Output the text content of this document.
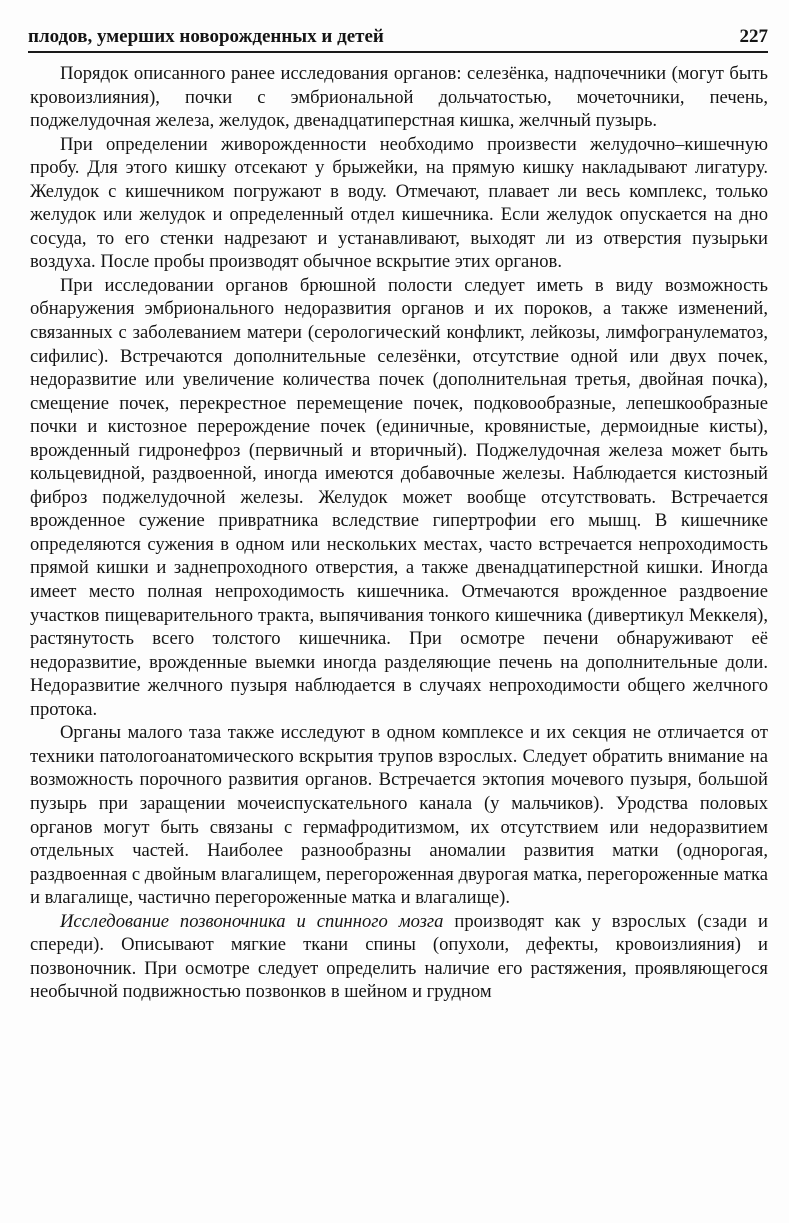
плодов, умерших новорожденных и детей	227

Порядок описанного ранее исследования органов: селезёнка, надпочечники (могут быть кровоизлияния), почки с эмбриональной дольчатостью, мочеточники, печень, поджелудочная железа, желудок, двенадцатиперстная кишка, желчный пузырь.

При определении живорожденности необходимо произвести желудочно–кишечную пробу. Для этого кишку отсекают у брыжейки, на прямую кишку накладывают лигатуру. Желудок с кишечником погружают в воду. Отмечают, плавает ли весь комплекс, только желудок или желудок и определенный отдел кишечника. Если желудок опускается на дно сосуда, то его стенки надрезают и устанавливают, выходят ли из отверстия пузырьки воздуха. После пробы производят обычное вскрытие этих органов.

При исследовании органов брюшной полости следует иметь в виду возможность обнаружения эмбрионального недоразвития органов и их пороков, а также изменений, связанных с заболеванием матери (серологический конфликт, лейкозы, лимфогранулематоз, сифилис). Встречаются дополнительные селезёнки, отсутствие одной или двух почек, недоразвитие или увеличение количества почек (дополнительная третья, двойная почка), смещение почек, перекрестное перемещение почек, подковообразные, лепешкообразные почки и кистозное перерождение почек (единичные, кровянистые, дермоидные кисты), врожденный гидронефроз (первичный и вторичный). Поджелудочная железа может быть кольцевидной, раздвоенной, иногда имеются добавочные железы. Наблюдается кистозный фиброз поджелудочной железы. Желудок может вообще отсутствовать. Встречается врожденное сужение привратника вследствие гипертрофии его мышц. В кишечнике определяются сужения в одном или нескольких местах, часто встречается непроходимость прямой кишки и заднепроходного отверстия, а также двенадцатиперстной кишки. Иногда имеет место полная непроходимость кишечника. Отмечаются врожденное раздвоение участков пищеварительного тракта, выпячивания тонкого кишечника (дивертикул Меккеля), растянутость всего толстого кишечника. При осмотре печени обнаруживают её недоразвитие, врожденные выемки иногда разделяющие печень на дополнительные доли. Недоразвитие желчного пузыря наблюдается в случаях непроходимости общего желчного протока.

Органы малого таза также исследуют в одном комплексе и их секция не отличается от техники патологоанатомического вскрытия трупов взрослых. Следует обратить внимание на возможность порочного развития органов. Встречается эктопия мочевого пузыря, большой пузырь при заращении мочеиспускательного канала (у мальчиков). Уродства половых органов могут быть связаны с гермафродитизмом, их отсутствием или недоразвитием отдельных частей. Наиболее разнообразны аномалии развития матки (однорогая, раздвоенная с двойным влагалищем, перегороженная двурогая матка, перегороженные матка и влагалище, частично перегороженные матка и влагалище).

Исследование позвоночника и спинного мозга производят как у взрослых (сзади и спереди). Описывают мягкие ткани спины (опухоли, дефекты, кровоизлияния) и позвоночник. При осмотре следует определить наличие его растяжения, проявляющегося необычной подвижностью позвонков в шейном и грудном
